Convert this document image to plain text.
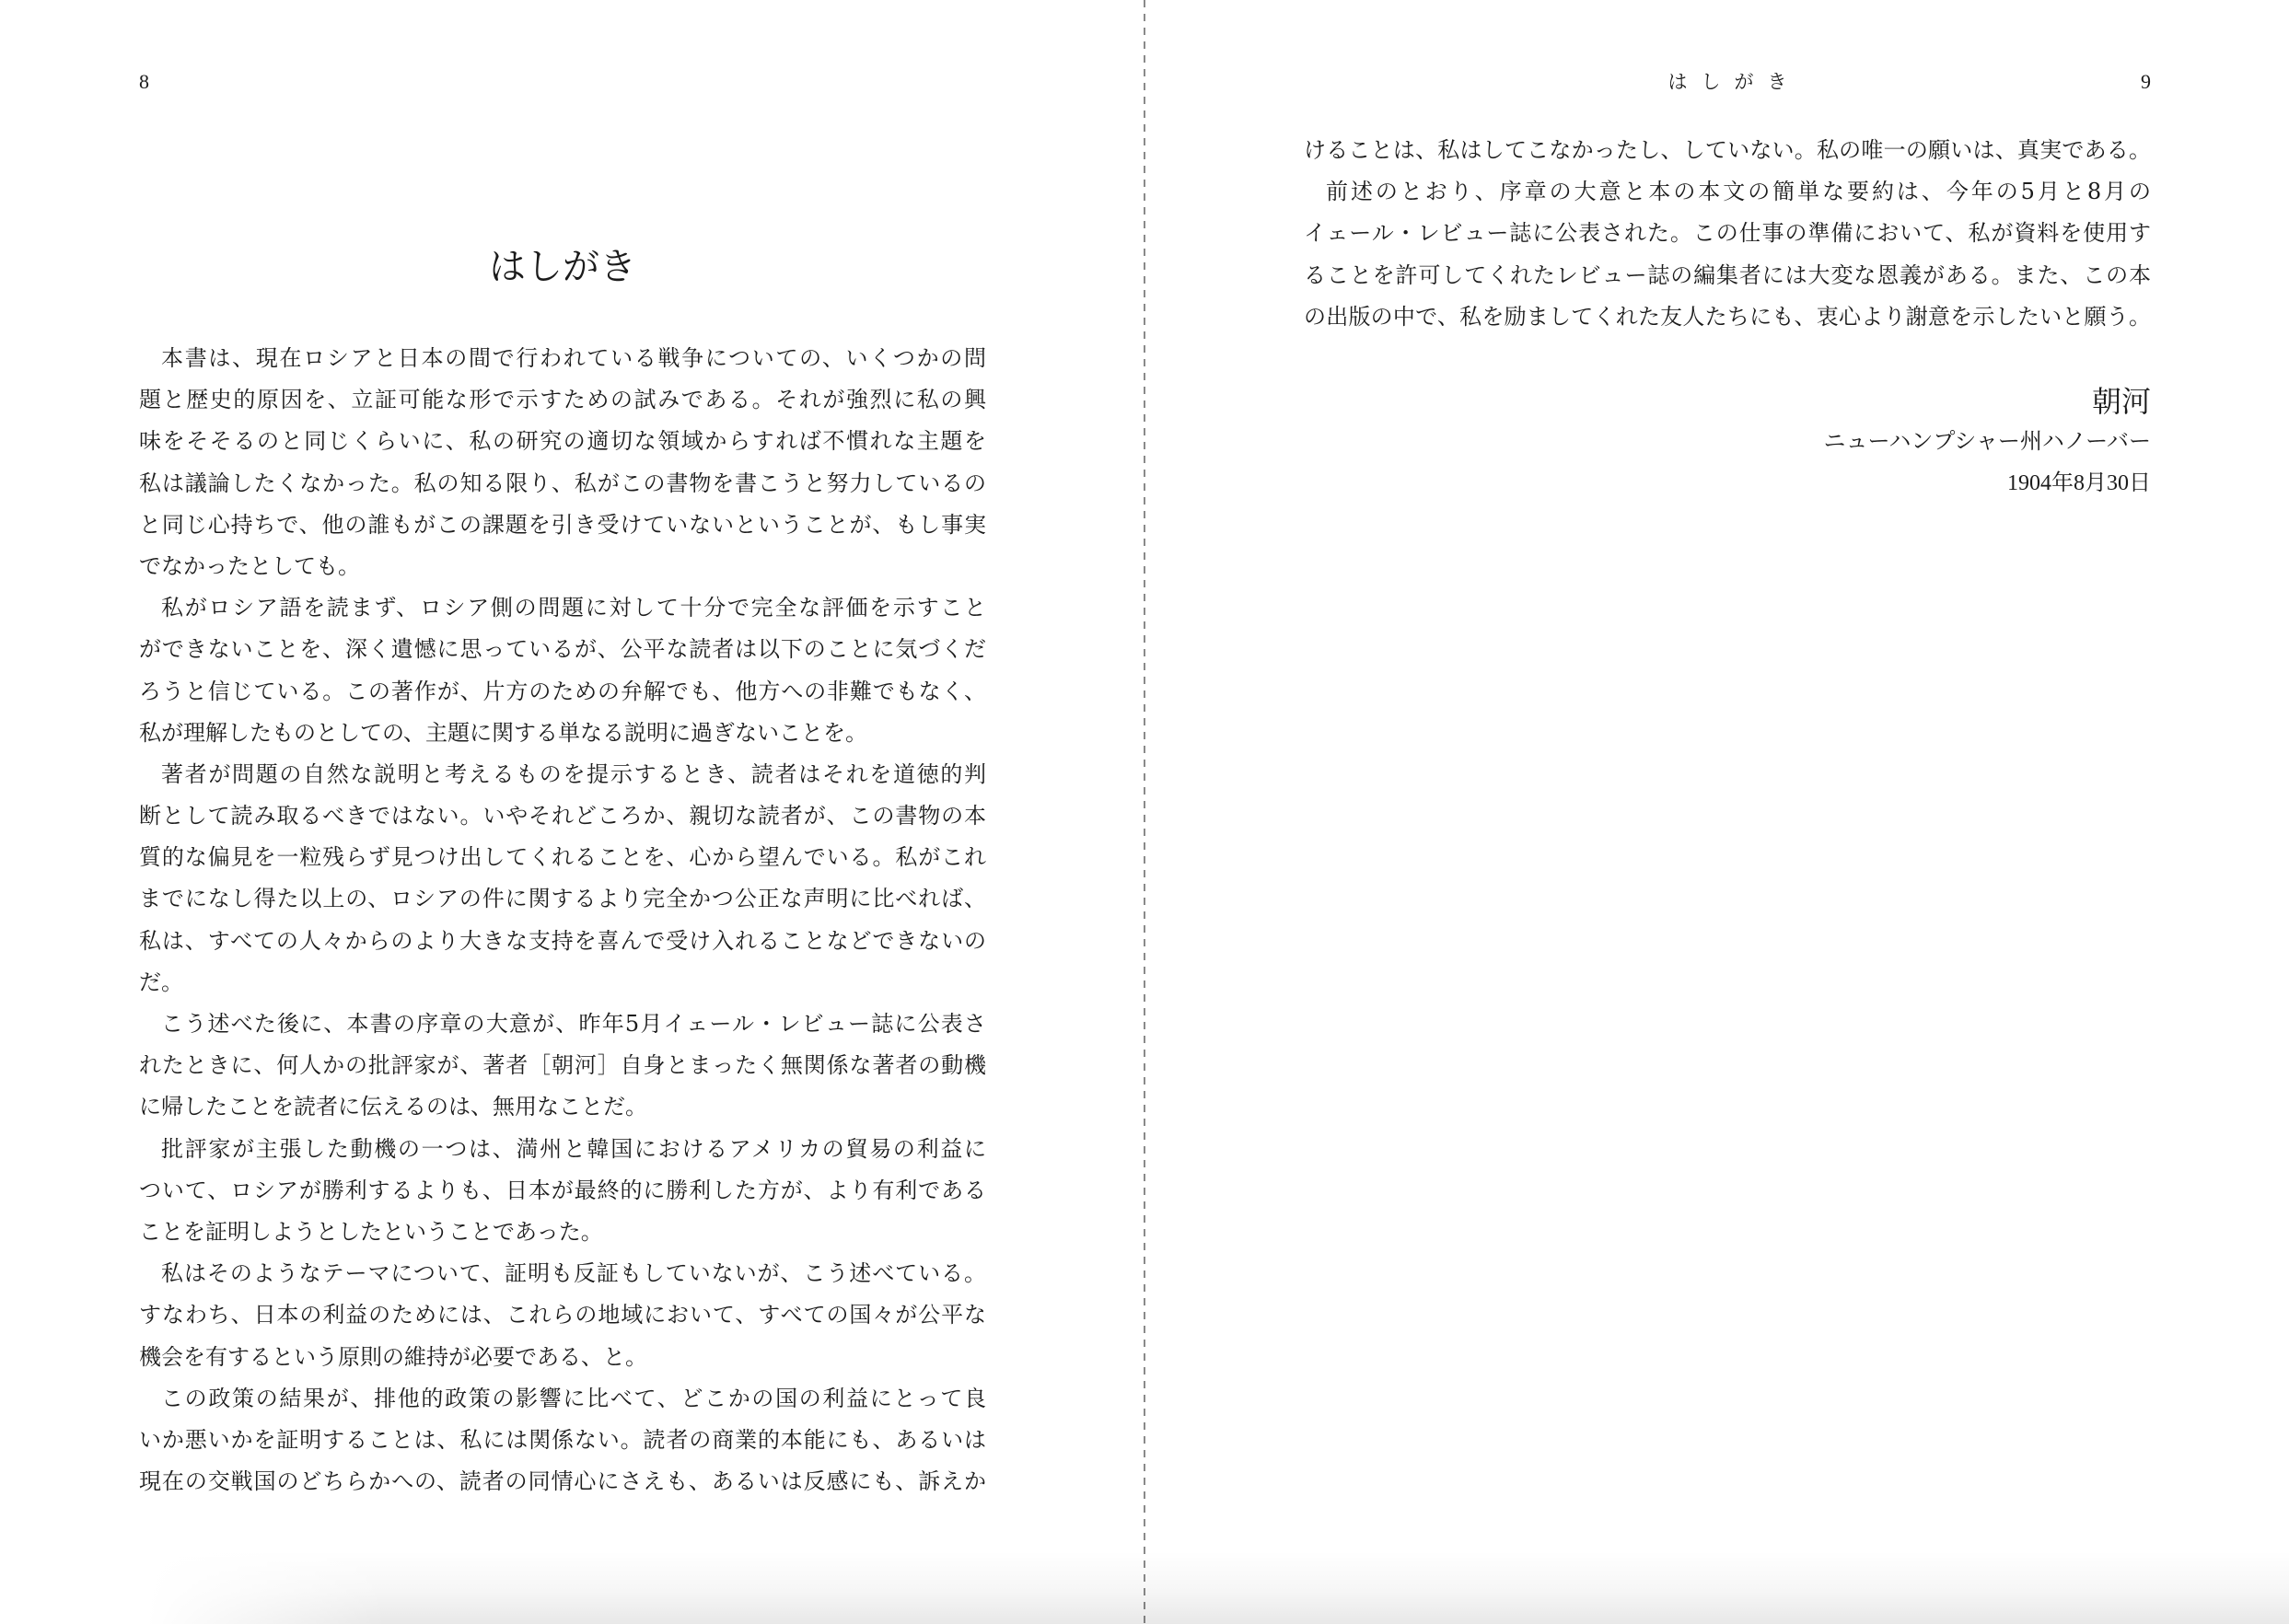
8
はしがき
本書は、現在ロシアと日本の間で行われている戦争についての、いくつかの問
題と歴史的原因を、立証可能な形で示すための試みである。それが強烈に私の興
味をそそるのと同じくらいに、私の研究の適切な領域からすれば不慣れな主題を
私は議論したくなかった。私の知る限り、私がこの書物を書こうと努力しているの
と同じ心持ちで、他の誰もがこの課題を引き受けていないということが、もし事実
でなかったとしても。
私がロシア語を読まず、ロシア側の問題に対して十分で完全な評価を示すこと
ができないことを、深く遺憾に思っているが、公平な読者は以下のことに気づくだ
ろうと信じている。この著作が、片方のための弁解でも、他方への非難でもなく、
私が理解したものとしての、主題に関する単なる説明に過ぎないことを。
著者が問題の自然な説明と考えるものを提示するとき、読者はそれを道徳的判
断として読み取るべきではない。いやそれどころか、親切な読者が、この書物の本
質的な偏見を一粒残らず見つけ出してくれることを、心から望んでいる。私がこれ
までになし得た以上の、ロシアの件に関するより完全かつ公正な声明に比べれば、
私は、すべての人々からのより大きな支持を喜んで受け入れることなどできないの
だ。
こう述べた後に、本書の序章の大意が、昨年5月イェール・レビュー誌に公表さ
れたときに、何人かの批評家が、著者［朝河］自身とまったく無関係な著者の動機
に帰したことを読者に伝えるのは、無用なことだ。
批評家が主張した動機の一つは、満州と韓国におけるアメリカの貿易の利益に
ついて、ロシアが勝利するよりも、日本が最終的に勝利した方が、より有利である
ことを証明しようとしたということであった。
私はそのようなテーマについて、証明も反証もしていないが、こう述べている。
すなわち、日本の利益のためには、これらの地域において、すべての国々が公平な
機会を有するという原則の維持が必要である、と。
この政策の結果が、排他的政策の影響に比べて、どこかの国の利益にとって良
いか悪いかを証明することは、私には関係ない。読者の商業的本能にも、あるいは
現在の交戦国のどちらかへの、読者の同情心にさえも、あるいは反感にも、訴えか
はしがき	9
けることは、私はしてこなかったし、していない。私の唯一の願いは、真実である。
前述のとおり、序章の大意と本の本文の簡単な要約は、今年の5月と8月の
イェール・レビュー誌に公表された。この仕事の準備において、私が資料を使用す
ることを許可してくれたレビュー誌の編集者には大変な恩義がある。また、この本
の出版の中で、私を励ましてくれた友人たちにも、衷心より謝意を示したいと願う。
朝河
ニューハンプシャー州ハノーバー
1904年8月30日
